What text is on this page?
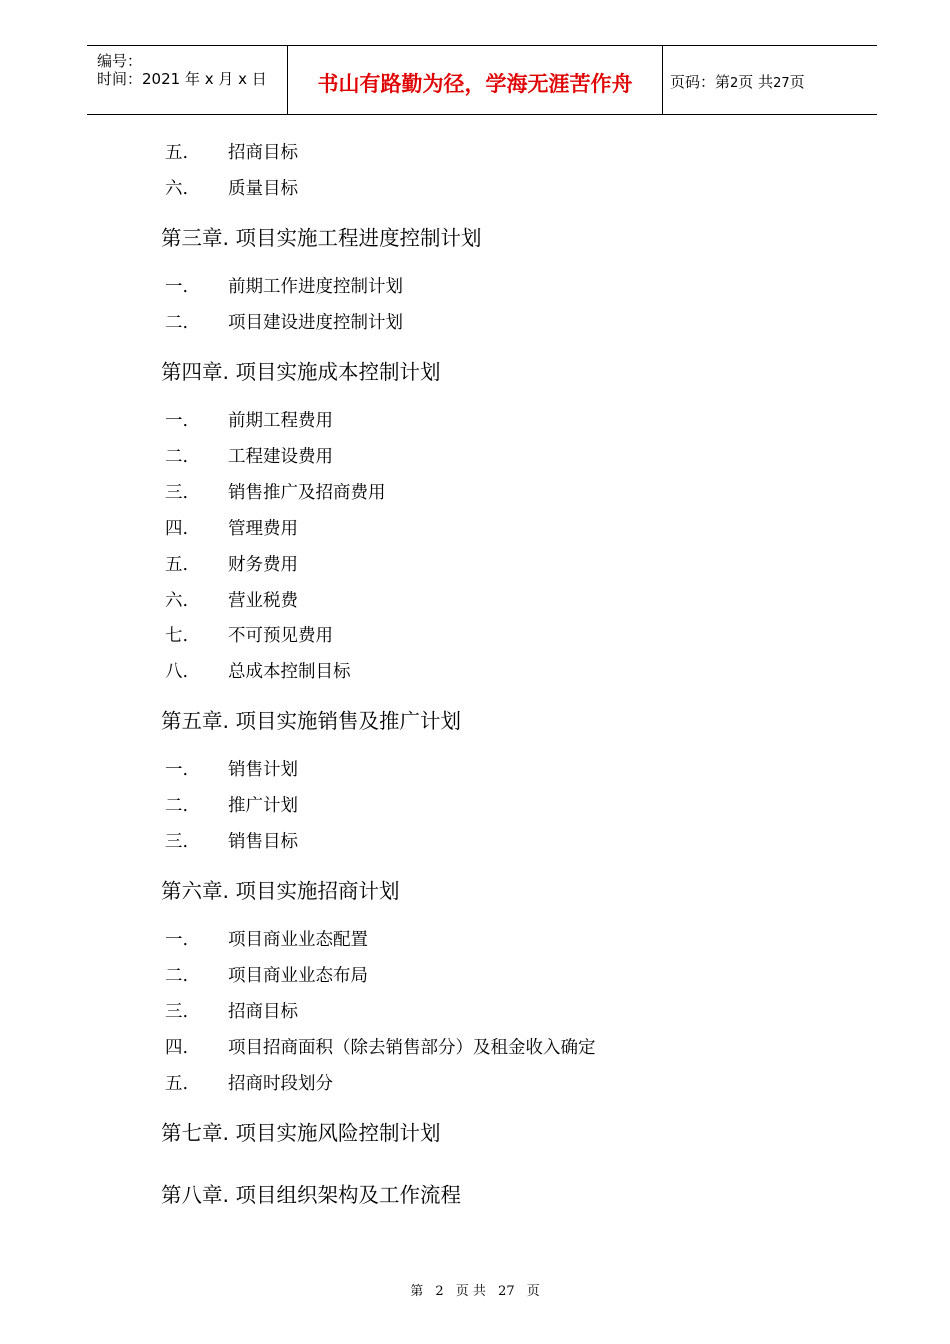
编号：
时间：2021 年 x 月 x 日	书山有路勤为径，学海无涯苦作舟	页码：第2页 共27页
五. 招商目标
六. 质量目标
第三章. 项目实施工程进度控制计划
一. 前期工作进度控制计划
二. 项目建设进度控制计划
第四章. 项目实施成本控制计划
一. 前期工程费用
二. 工程建设费用
三. 销售推广及招商费用
四. 管理费用
五. 财务费用
六. 营业税费
七. 不可预见费用
八. 总成本控制目标
第五章. 项目实施销售及推广计划
一. 销售计划
二. 推广计划
三. 销售目标
第六章. 项目实施招商计划
一. 项目商业业态配置
二. 项目商业业态布局
三. 招商目标
四. 项目招商面积（除去销售部分）及租金收入确定
五. 招商时段划分
第七章. 项目实施风险控制计划
第八章. 项目组织架构及工作流程
第 2 页 共 27 页
